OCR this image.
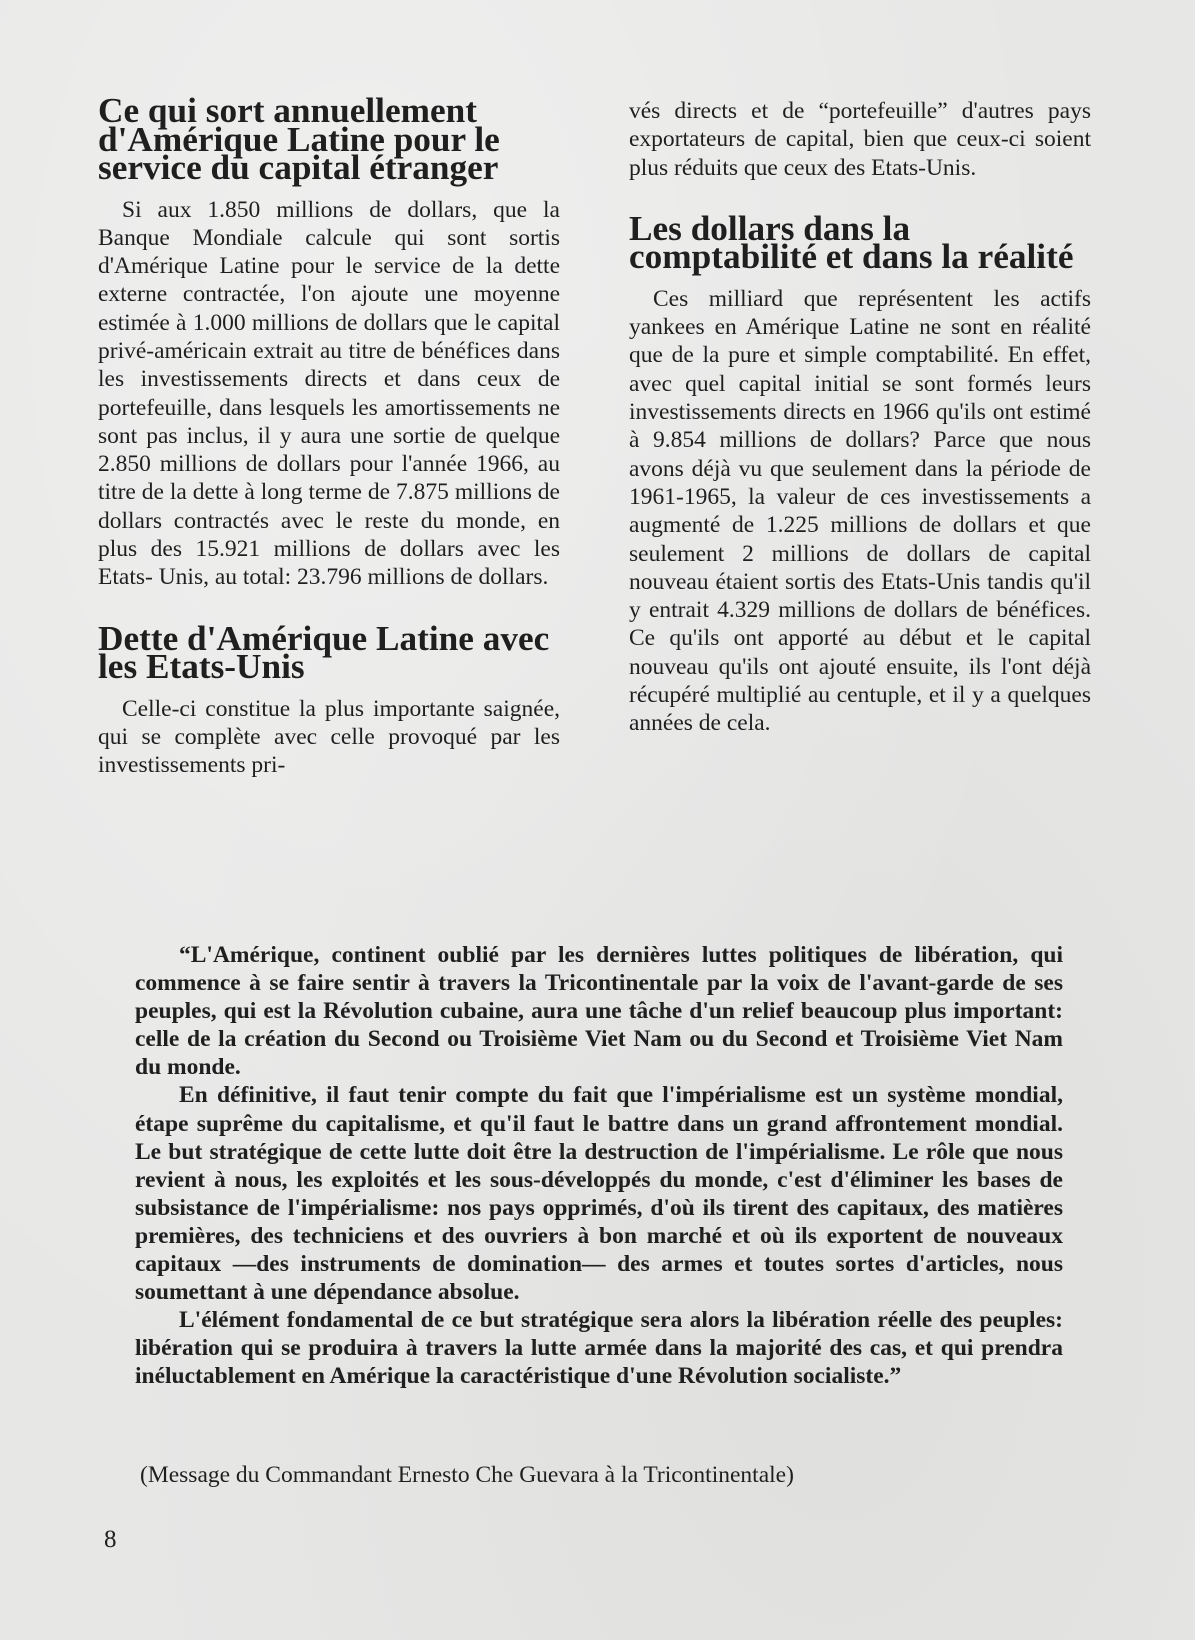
Ce qui sort annuellement d'Amérique Latine pour le service du capital étranger

Si aux 1.850 millions de dollars, que la Banque Mondiale calcule qui sont sortis d'Amérique Latine pour le service de la dette externe contractée, l'on ajoute une moyenne estimée à 1.000 millions de dollars que le capital privé-américain extrait au titre de bénéfices dans les investissements directs et dans ceux de portefeuille, dans lesquels les amortissements ne sont pas inclus, il y aura une sortie de quelque 2.850 millions de dollars pour l'année 1966, au titre de la dette à long terme de 7.875 millions de dollars contractés avec le reste du monde, en plus des 15.921 millions de dollars avec les Etats- Unis, au total: 23.796 millions de dollars.

Dette d'Amérique Latine avec les Etats-Unis

Celle-ci constitue la plus importante saignée, qui se complète avec celle provoqué par les investissements pri-

vés directs et de “portefeuille” d'autres pays exportateurs de capital, bien que ceux-ci soient plus réduits que ceux des Etats-Unis.

Les dollars dans la comptabilité et dans la réalité

Ces milliard que représentent les actifs yankees en Amérique Latine ne sont en réalité que de la pure et simple comptabilité. En effet, avec quel capital initial se sont formés leurs investissements directs en 1966 qu'ils ont estimé à 9.854 millions de dollars? Parce que nous avons déjà vu que seulement dans la période de 1961-1965, la valeur de ces investissements a augmenté de 1.225 millions de dollars et que seulement 2 millions de dollars de capital nouveau étaient sortis des Etats-Unis tandis qu'il y entrait 4.329 millions de dollars de bénéfices. Ce qu'ils ont apporté au début et le capital nouveau qu'ils ont ajouté ensuite, ils l'ont déjà récupéré multiplié au centuple, et il y a quelques années de cela.

“L'Amérique, continent oublié par les dernières luttes politiques de libération, qui commence à se faire sentir à travers la Tricontinentale par la voix de l'avant-garde de ses peuples, qui est la Révolution cubaine, aura une tâche d'un relief beaucoup plus important: celle de la création du Second ou Troisième Viet Nam ou du Second et Troisième Viet Nam du monde.

En définitive, il faut tenir compte du fait que l'impérialisme est un système mondial, étape suprême du capitalisme, et qu'il faut le battre dans un grand affrontement mondial. Le but stratégique de cette lutte doit être la destruction de l'impérialisme. Le rôle que nous revient à nous, les exploités et les sous-développés du monde, c'est d'éliminer les bases de subsistance de l'impérialisme: nos pays opprimés, d'où ils tirent des capitaux, des matières premières, des techniciens et des ouvriers à bon marché et où ils exportent de nouveaux capitaux —des instruments de domination— des armes et toutes sortes d'articles, nous soumettant à une dépendance absolue.

L'élément fondamental de ce but stratégique sera alors la libération réelle des peuples: libération qui se produira à travers la lutte armée dans la majorité des cas, et qui prendra inéluctablement en Amérique la caractéristique d'une Révolution socialiste.”

(Message du Commandant Ernesto Che Guevara à la Tricontinentale)
8
